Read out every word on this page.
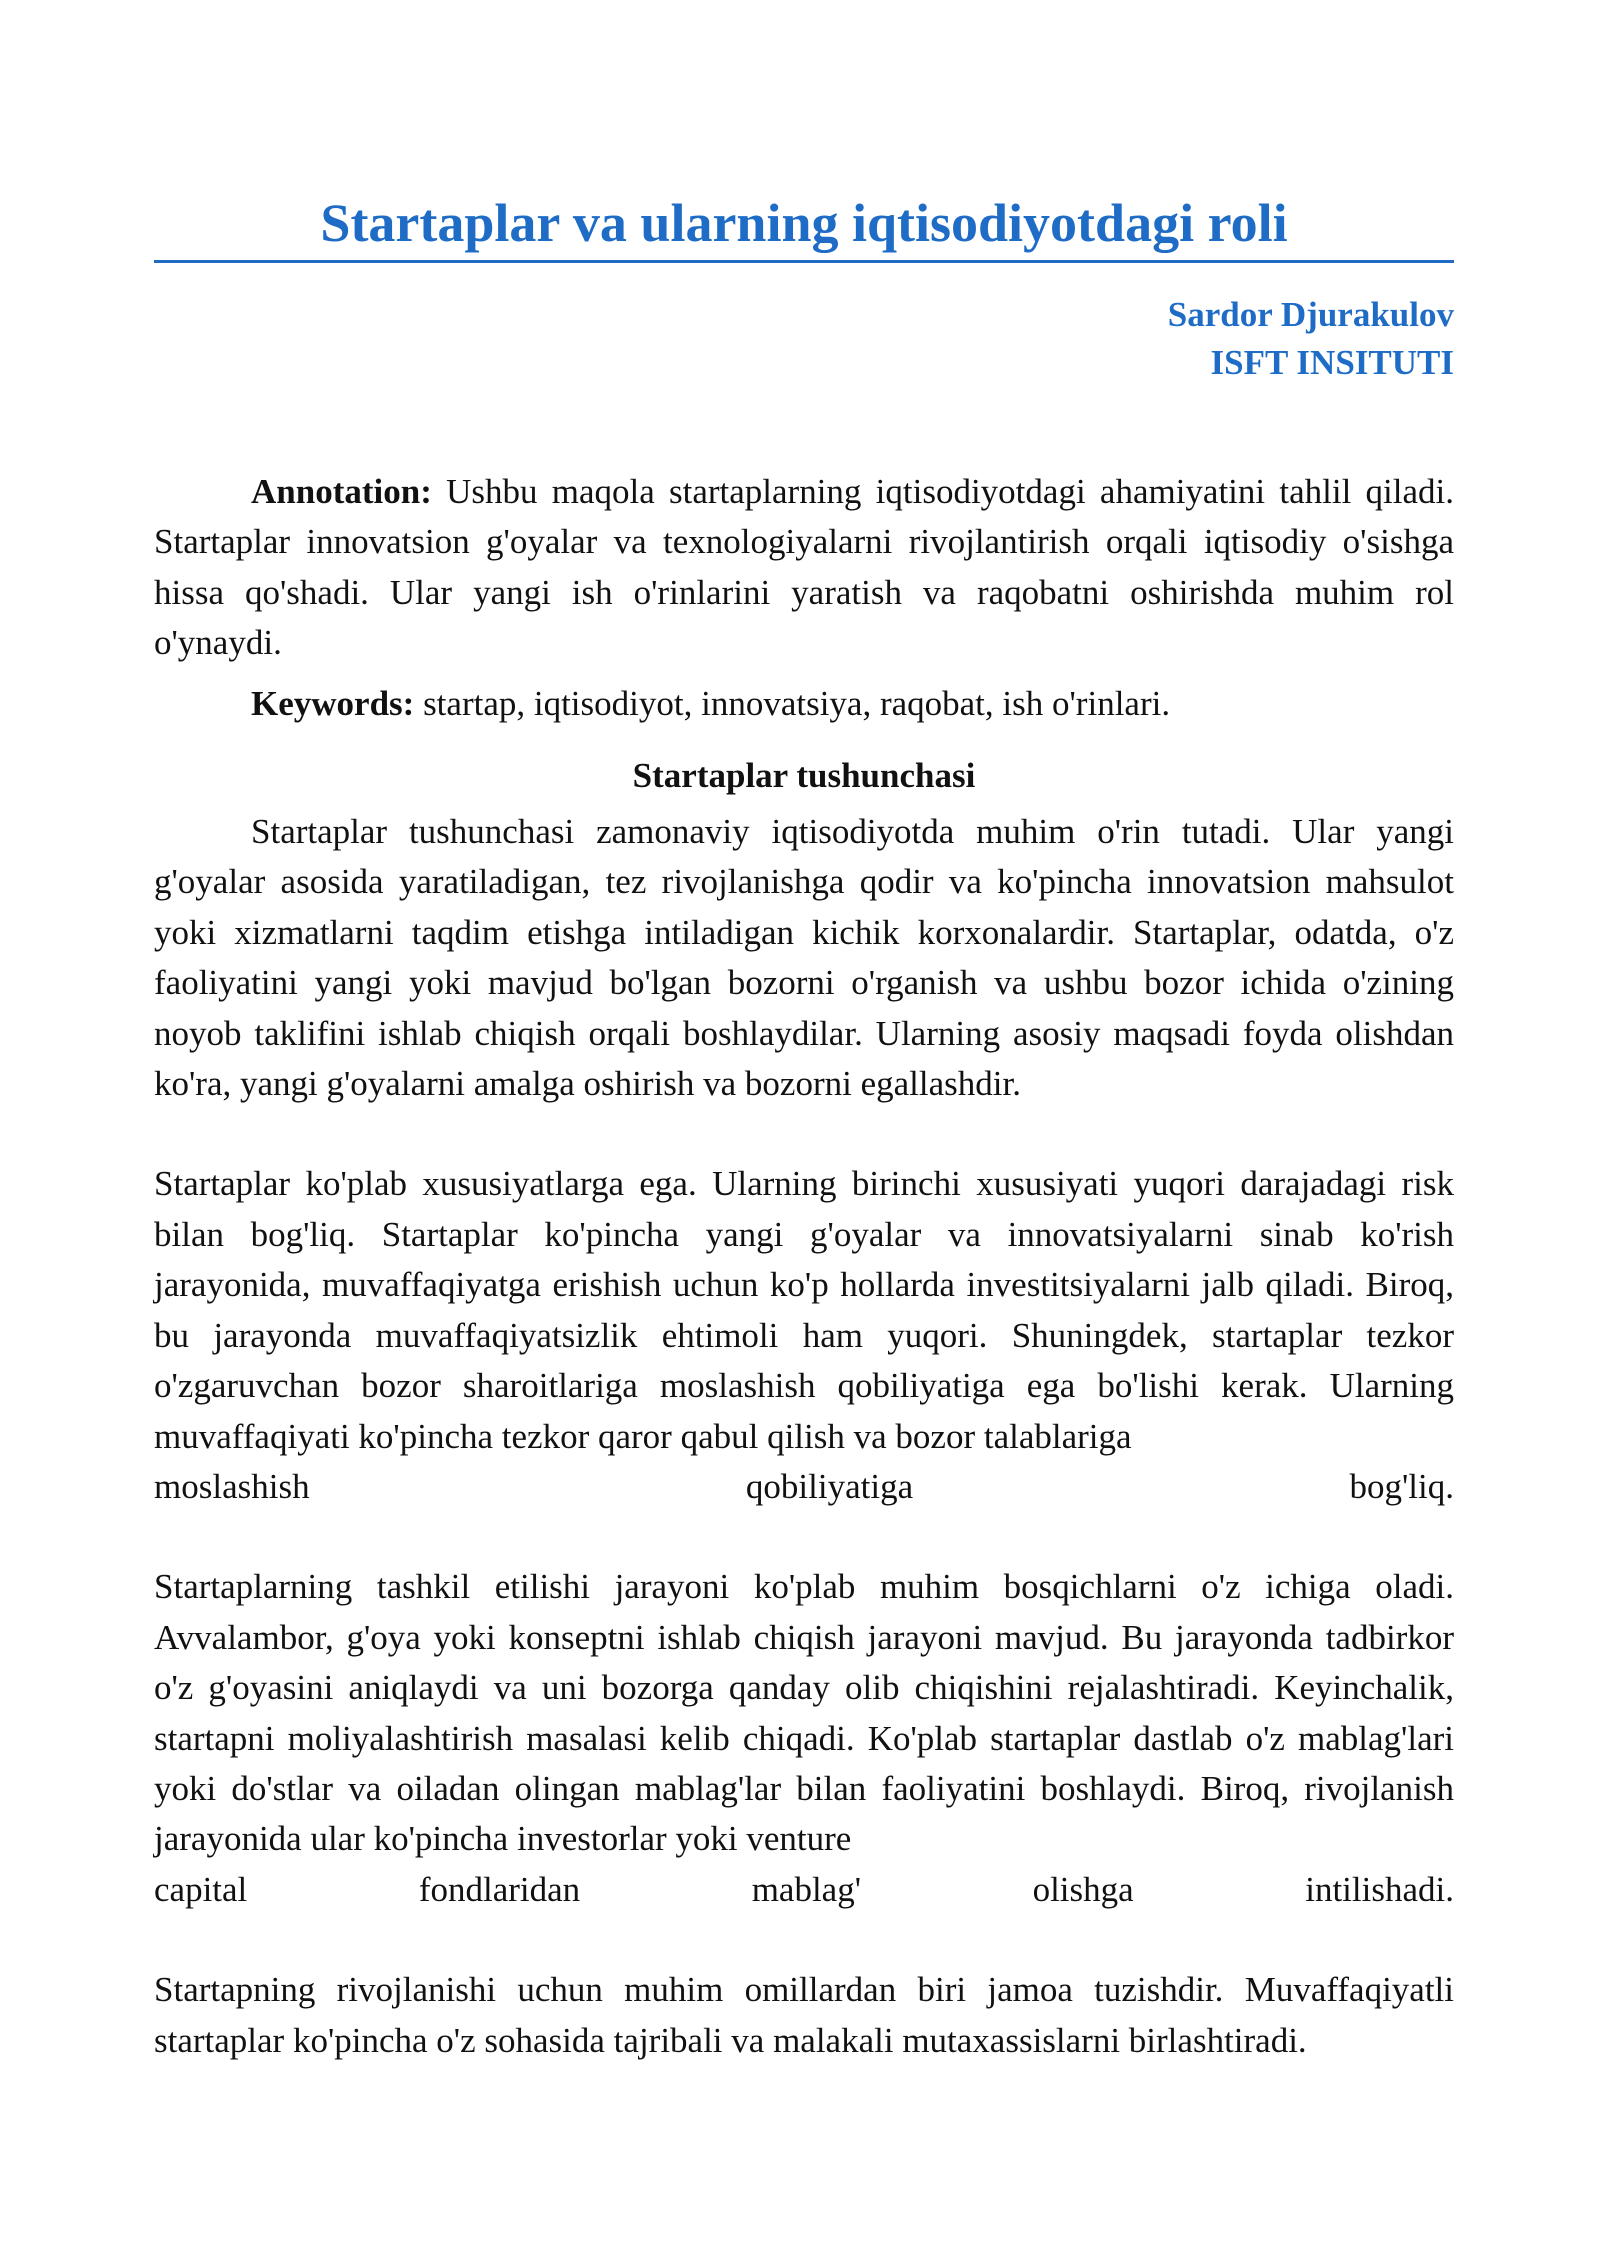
Startaplar va ularning iqtisodiyotdagi roli
Sardor Djurakulov
ISFT INSITUTI

Annotation: Ushbu maqola startaplarning iqtisodiyotdagi ahamiyatini tahlil qiladi. Startaplar innovatsion g'oyalar va texnologiyalarni rivojlantirish orqali iqtisodiy o'sishga hissa qo'shadi. Ular yangi ish o'rinlarini yaratish va raqobatni oshirishda muhim rol o'ynaydi.

Keywords: startap, iqtisodiyot, innovatsiya, raqobat, ish o'rinlari.

Startaplar tushunchasi

Startaplar tushunchasi zamonaviy iqtisodiyotda muhim o'rin tutadi. Ular yangi g'oyalar asosida yaratiladigan, tez rivojlanishga qodir va ko'pincha innovatsion mahsulot yoki xizmatlarni taqdim etishga intiladigan kichik korxonalardir. Startaplar, odatda, o'z faoliyatini yangi yoki mavjud bo'lgan bozorni o'rganish va ushbu bozor ichida o'zining noyob taklifini ishlab chiqish orqali boshlaydilar. Ularning asosiy maqsadi foyda olishdan ko'ra, yangi g'oyalarni amalga oshirish va bozorni egallashdir.

Startaplar ko'plab xususiyatlarga ega. Ularning birinchi xususiyati yuqori darajadagi risk bilan bog'liq. Startaplar ko'pincha yangi g'oyalar va innovatsiyalarni sinab ko'rish jarayonida, muvaffaqiyatga erishish uchun ko'p hollarda investitsiyalarni jalb qiladi. Biroq, bu jarayonda muvaffaqiyatsizlik ehtimoli ham yuqori. Shuningdek, startaplar tezkor o'zgaruvchan bozor sharoitlariga moslashish qobiliyatiga ega bo'lishi kerak. Ularning muvaffaqiyati ko'pincha tezkor qaror qabul qilish va bozor talablariga

moslashish	qobiliyatiga	bog'liq.

Startaplarning tashkil etilishi jarayoni ko'plab muhim bosqichlarni o'z ichiga oladi. Avvalambor, g'oya yoki konseptni ishlab chiqish jarayoni mavjud. Bu jarayonda tadbirkor o'z g'oyasini aniqlaydi va uni bozorga qanday olib chiqishini rejalashtiradi. Keyinchalik, startapni moliyalashtirish masalasi kelib chiqadi. Ko'plab startaplar dastlab o'z mablag'lari yoki do'stlar va oiladan olingan mablag'lar bilan faoliyatini boshlaydi. Biroq, rivojlanish jarayonida ular ko'pincha investorlar yoki venture

capital	fondlaridan	mablag'	olishga	intilishadi.

Startapning rivojlanishi uchun muhim omillardan biri jamoa tuzishdir. Muvaffaqiyatli startaplar ko'pincha o'z sohasida tajribali va malakali mutaxassislarni birlashtiradi.
